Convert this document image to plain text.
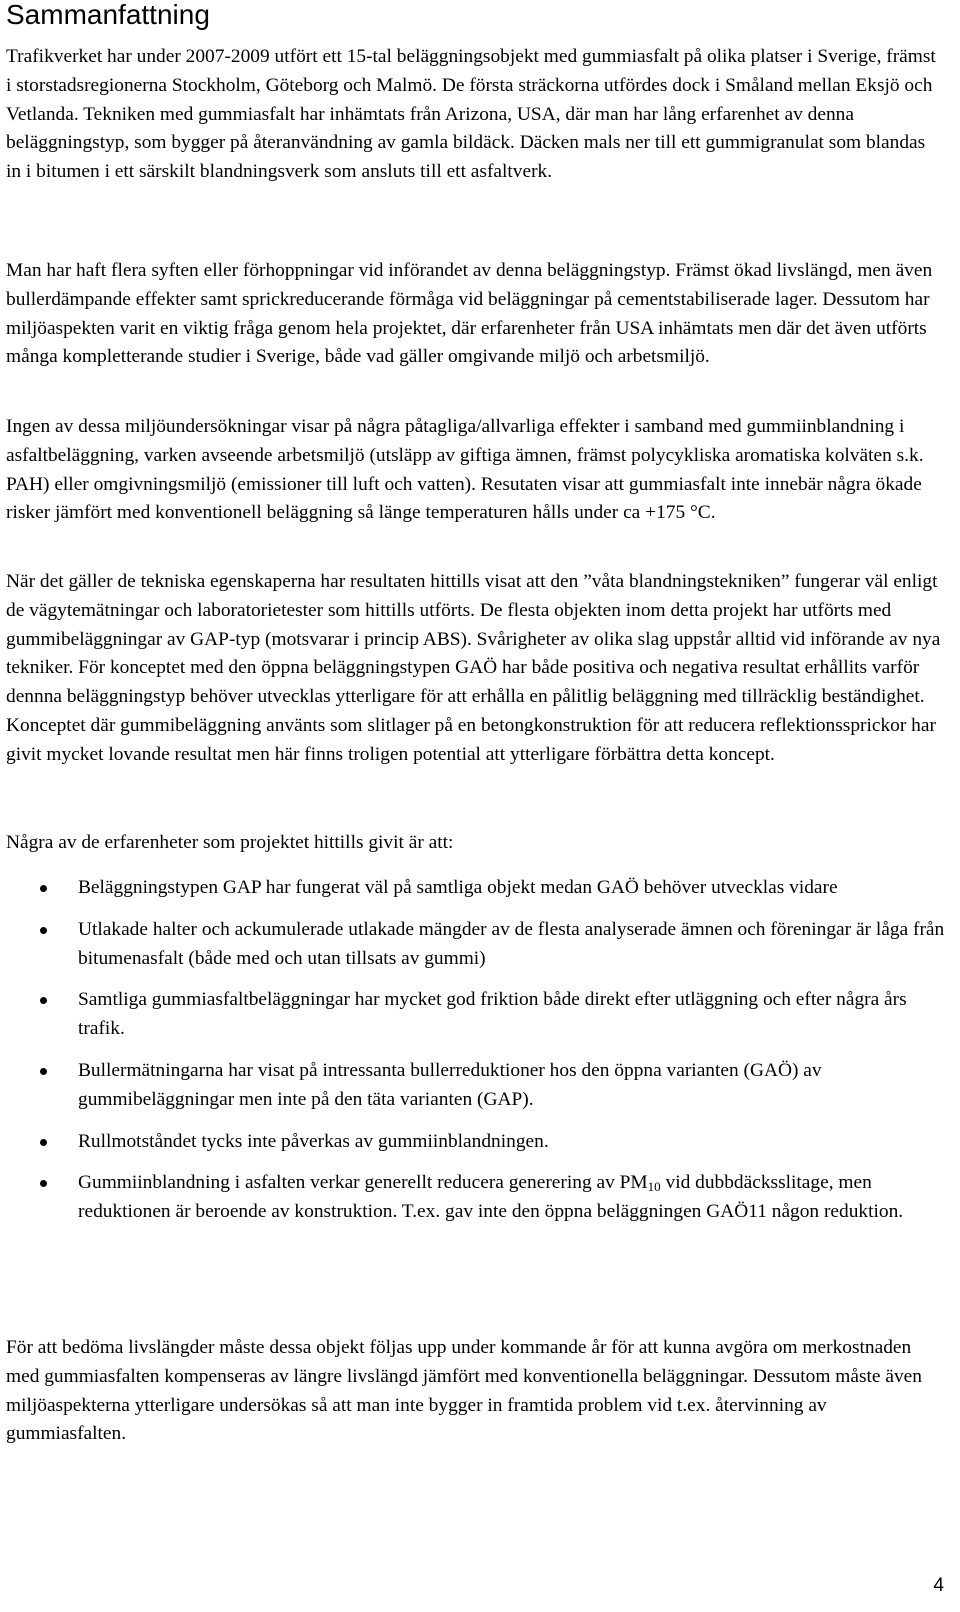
Sammanfattning

Trafikverket har under 2007-2009 utfört ett 15-tal beläggningsobjekt med gummiasfalt på olika platser i Sverige, främst i storstadsregionerna Stockholm, Göteborg och Malmö. De första sträckorna utfördes dock i Småland mellan Eksjö och Vetlanda. Tekniken med gummiasfalt har inhämtats från Arizona, USA, där man har lång erfarenhet av denna beläggningstyp, som bygger på återanvändning av gamla bildäck. Däcken mals ner till ett gummigranulat som blandas in i bitumen i ett särskilt blandningsverk som ansluts till ett asfaltverk.

Man har haft flera syften eller förhoppningar vid införandet av denna beläggningstyp. Främst ökad livslängd, men även bullerdämpande effekter samt sprickreducerande förmåga vid beläggningar på cementstabiliserade lager. Dessutom har miljöaspekten varit en viktig fråga genom hela projektet, där erfarenheter från USA inhämtats men där det även utförts många kompletterande studier i Sverige, både vad gäller omgivande miljö och arbetsmiljö.

Ingen av dessa miljöundersökningar visar på några påtagliga/allvarliga effekter i samband med gummiinblandning i asfaltbeläggning, varken avseende arbetsmiljö (utsläpp av giftiga ämnen, främst polycykliska aromatiska kolväten s.k. PAH) eller omgivningsmiljö (emissioner till luft och vatten). Resutaten visar att gummiasfalt inte innebär några ökade risker jämfört med konventionell beläggning så länge temperaturen hålls under ca +175 °C.

När det gäller de tekniska egenskaperna har resultaten hittills visat att den ”våta blandningstekniken” fungerar väl enligt de vägytemätningar och laboratorietester som hittills utförts. De flesta objekten inom detta projekt har utförts med gummibeläggningar av GAP-typ (motsvarar i princip ABS). Svårigheter av olika slag uppstår alltid vid införande av nya tekniker. För konceptet med den öppna beläggningstypen GAÖ har både positiva och negativa resultat erhållits varför dennna beläggningstyp behöver utvecklas ytterligare för att erhålla en pålitlig beläggning med tillräcklig beständighet. Konceptet där gummibeläggning använts som slitlager på en betongkonstruktion för att reducera reflektionssprickor har givit mycket lovande resultat men här finns troligen potential att ytterligare förbättra detta koncept.

Några av de erfarenheter som projektet hittills givit är att:

Beläggningstypen GAP har fungerat väl på samtliga objekt medan GAÖ behöver utvecklas vidare
Utlakade halter och ackumulerade utlakade mängder av de flesta analyserade ämnen och föreningar är låga från bitumenasfalt (både med och utan tillsats av gummi)
Samtliga gummiasfaltbeläggningar har mycket god friktion både direkt efter utläggning och efter några års trafik.
Bullermätningarna har visat på intressanta bullerreduktioner hos den öppna varianten (GAÖ) av gummibeläggningar men inte på den täta varianten (GAP).
Rullmotståndet tycks inte påverkas av gummiinblandningen.
Gummiinblandning i asfalten verkar generellt reducera generering av $PM_{10}$ vid dubbdäcksslitage, men reduktionen är beroende av konstruktion. T.ex. gav inte den öppna beläggningen GAÖ11 någon reduktion.

För att bedöma livslängder måste dessa objekt följas upp under kommande år för att kunna avgöra om merkostnaden med gummiasfalten kompenseras av längre livslängd jämfört med konventionella beläggningar. Dessutom måste även miljöaspekterna ytterligare undersökas så att man inte bygger in framtida problem vid t.ex. återvinning av gummiasfalten.

4
